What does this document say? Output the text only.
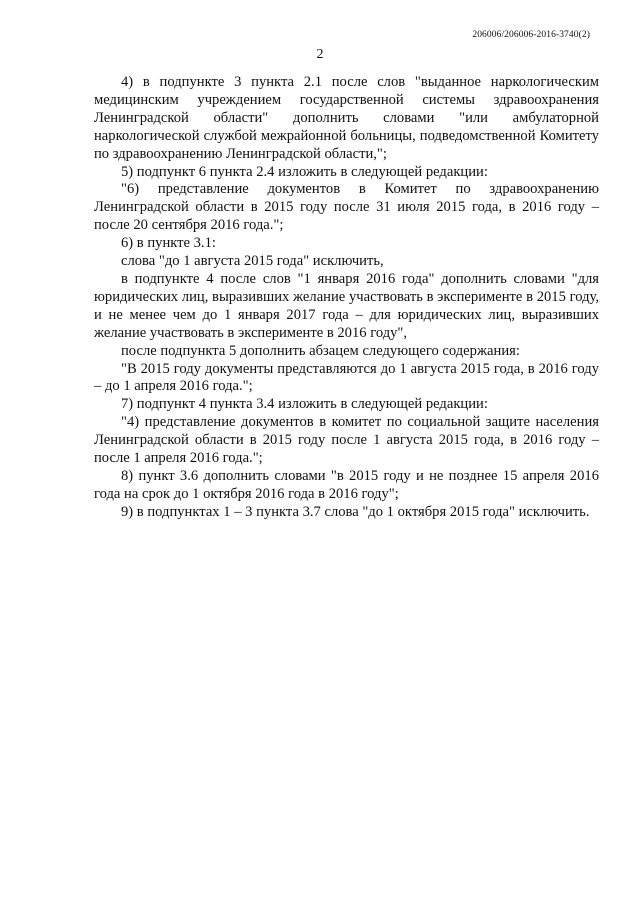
206006/206006-2016-3740(2)
2

4) в подпункте 3 пункта 2.1 после слов "выданное наркологическим медицинским учреждением государственной системы здравоохранения Ленинградской области" дополнить словами "или амбулаторной наркологической службой межрайонной больницы, подведомственной Комитету по здравоохранению Ленинградской области,";

5) подпункт 6 пункта 2.4 изложить в следующей редакции:

"6) представление документов в Комитет по здравоохранению Ленинградской области в 2015 году после 31 июля 2015 года, в 2016 году – после 20 сентября 2016 года.";

6) в пункте 3.1:

слова "до 1 августа 2015 года" исключить,

в подпункте 4 после слов "1 января 2016 года" дополнить словами "для юридических лиц, выразивших желание участвовать в эксперименте в 2015 году, и не менее чем до 1 января 2017 года – для юридических лиц, выразивших желание участвовать в эксперименте в 2016 году",

после подпункта 5 дополнить абзацем следующего содержания:

"В 2015 году документы представляются до 1 августа 2015 года, в 2016 году – до 1 апреля 2016 года.";

7) подпункт 4 пункта 3.4 изложить в следующей редакции:

"4) представление документов в комитет по социальной защите населения Ленинградской области в 2015 году после 1 августа 2015 года, в 2016 году – после 1 апреля 2016 года.";

8) пункт 3.6 дополнить словами "в 2015 году и не позднее 15 апреля 2016 года на срок до 1 октября 2016 года в 2016 году";

9) в подпунктах 1 – 3 пункта 3.7 слова "до 1 октября 2015 года" исключить.
